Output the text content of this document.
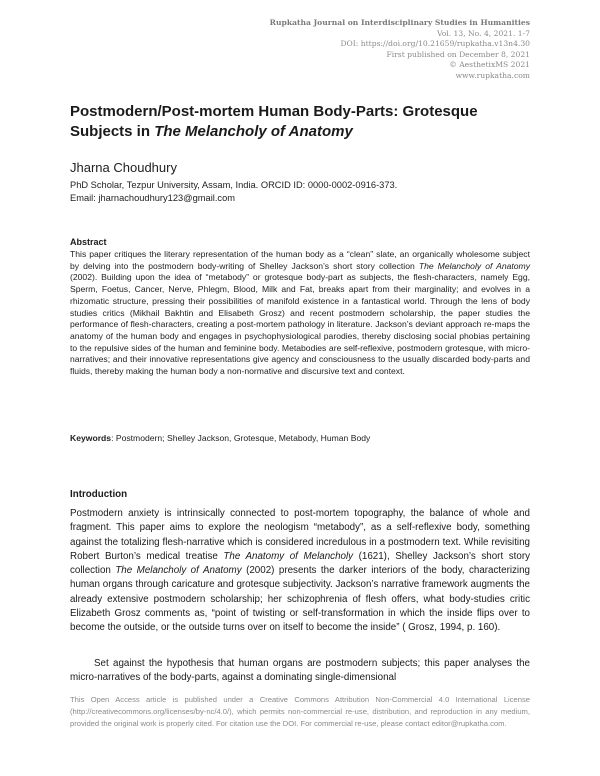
Rupkatha Journal on Interdisciplinary Studies in Humanities
Vol. 13, No. 4, 2021. 1-7
DOI: https://doi.org/10.21659/rupkatha.v13n4.30
First published on December 8, 2021
© AesthetixMS 2021
www.rupkatha.com
Postmodern/Post-mortem Human Body-Parts: Grotesque
Subjects in The Melancholy of Anatomy
Jharna Choudhury
PhD Scholar, Tezpur University, Assam, India. ORCID ID: 0000-0002-0916-373.
Email: jharnachoudhury123@gmail.com
Abstract

This paper critiques the literary representation of the human body as a “clean” slate, an organically wholesome subject by delving into the postmodern body-writing of Shelley Jackson’s short story collection The Melancholy of Anatomy (2002). Building upon the idea of “metabody” or grotesque body-part as subjects, the flesh-characters, namely Egg, Sperm, Foetus, Cancer, Nerve, Phlegm, Blood, Milk and Fat, breaks apart from their marginality; and evolves in a rhizomatic structure, pressing their possibilities of manifold existence in a fantastical world. Through the lens of body studies critics (Mikhail Bakhtin and Elisabeth Grosz) and recent postmodern scholarship, the paper studies the performance of flesh-characters, creating a post-mortem pathology in literature. Jackson’s deviant approach re-maps the anatomy of the human body and engages in psychophysiological parodies, thereby disclosing social phobias pertaining to the repulsive sides of the human and feminine body. Metabodies are self-reflexive, postmodern grotesque, with micro-narratives; and their innovative representations give agency and consciousness to the usually discarded body-parts and fluids, thereby making the human body a non-normative and discursive text and context.

Keywords: Postmodern; Shelley Jackson, Grotesque, Metabody, Human Body
Introduction

Postmodern anxiety is intrinsically connected to post-mortem topography, the balance of whole and fragment. This paper aims to explore the neologism “metabody”, as a self-reflexive body, something against the totalizing flesh-narrative which is considered incredulous in a postmodern text. While revisiting Robert Burton’s medical treatise The Anatomy of Melancholy (1621), Shelley Jackson’s short story collection The Melancholy of Anatomy (2002) presents the darker interiors of the body, characterizing human organs through caricature and grotesque subjectivity. Jackson’s narrative framework augments the already extensive postmodern scholarship; her schizophrenia of flesh offers, what body-studies critic Elizabeth Grosz comments as, “point of twisting or self-transformation in which the inside flips over to become the outside, or the outside turns over on itself to become the inside” ( Grosz, 1994, p. 160).

Set against the hypothesis that human organs are postmodern subjects; this paper analyses the micro-narratives of the body-parts, against a dominating single-dimensional

This Open Access article is published under a Creative Commons Attribution Non-Commercial 4.0 International License (http://creativecommons.org/licenses/by-nc/4.0/), which permits non-commercial re-use, distribution, and reproduction in any medium, provided the original work is properly cited. For citation use the DOI. For commercial re-use, please contact editor@rupkatha.com.
